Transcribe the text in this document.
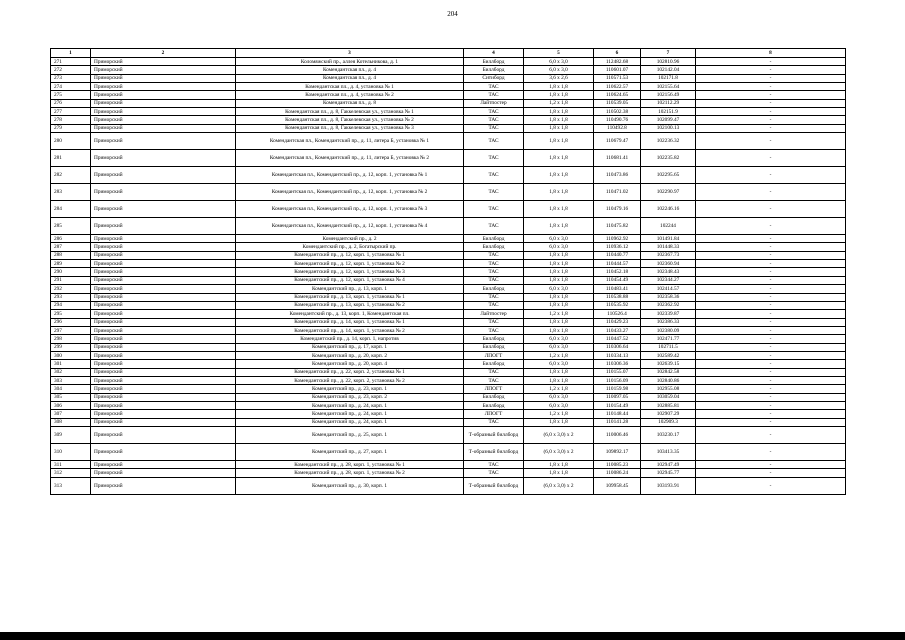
204
1	2	3	4	5	6	7	8
271	Приморский	Коломяжский пр., аллея Котельникова, д. 1	Биллборд	6,0 x 3,0	112482.68	102810.96	-
272	Приморский	Комендантская пл., д. 4	Биллборд	6,0 x 3,0	110601.07	102142.04	-
273	Приморский	Комендантская пл., д. 4	Ситиборд	3,6 x 2,6	110571.53	102171.8	-
274	Приморский	Комендантская пл., д. 4, установка № 1	ТАС	1,8 x 1,8	110622.57	102155.64	-
275	Приморский	Комендантская пл., д. 4, установка № 2	ТАС	1,8 x 1,8	110624.65	102156.49	-
276	Приморский	Комендантская пл., д. 8	Лайтпостер	1,2 x 1,8	110539.05	102112.29	-
277	Приморский	Комендантская пл., д. 8, Гаккелевская ул., установка № 1	ТАС	1,8 x 1,8	110502.38	102151.9	-
278	Приморский	Комендантская пл., д. 8, Гаккелевская ул., установка № 2	ТАС	1,8 x 1,8	110490.76	102099.47	-
279	Приморский	Комендантская пл., д. 8, Гаккелевская ул., установка № 3	ТАС	1,8 x 1,8	110492.8	102100.13	-
280	Приморский	Комендантская пл., Комендантский пр., д. 11, литера Б, установка № 1	ТАС	1,8 x 1,8	110679.47	102236.32	-
281	Приморский	Комендантская пл., Комендантский пр., д. 11, литера Б, установка № 2	ТАС	1,8 x 1,8	110681.41	102235.82	-
282	Приморский	Комендантская пл., Комендантский пр., д. 12, корп. 1, установка № 1	ТАС	1,8 x 1,8	110473.86	102295.65	-
283	Приморский	Комендантская пл., Комендантский пр., д. 12, корп. 1, установка № 2	ТАС	1,8 x 1,8	110471.02	102290.97	-
284	Приморский	Комендантская пл., Комендантский пр., д. 12, корп. 1, установка № 3	ТАС	1,8 x 1,8	110479.16	102246.16	-
285	Приморский	Комендантская пл., Комендантский пр., д. 12, корп. 1, установка № 4	ТАС	1,8 x 1,8	110475.82	102244	-
286	Приморский	Комендантский пр., д. 2	Биллборд	6,0 x 3,0	110962.92	101491.84	-
287	Приморский	Комендантский пр., д. 2, Богатырский пр.	Биллборд	6,0 x 3,0	110936.12	101448.33	-
288	Приморский	Комендантский пр., д. 12, корп. 1, установка № 1	ТАС	1,8 x 1,8	110440.77	102367.73	-
289	Приморский	Комендантский пр., д. 12, корп. 1, установка № 2	ТАС	1,8 x 1,8	110444.57	102360.94	-
290	Приморский	Комендантский пр., д. 12, корп. 1, установка № 3	ТАС	1,8 x 1,8	110452.18	102348.43	-
291	Приморский	Комендантский пр., д. 12, корп. 1, установка № 4	ТАС	1,8 x 1,8	110454.49	102344.27	-
292	Приморский	Комендантский пр., д. 13, корп. 1	Биллборд	6,0 x 3,0	110483.41	102414.57	-
293	Приморский	Комендантский пр., д. 13, корп. 1, установка № 1	ТАС	1,8 x 1,8	110538.88	102358.36	-
294	Приморский	Комендантский пр., д. 13, корп. 1, установка № 2	ТАС	1,8 x 1,8	110535.92	102362.92	-
295	Приморский	Комендантский пр., д. 13, корп. 1, Комендантская пл.	Лайтпостер	1,2 x 1,8	110526.4	102339.87	-
296	Приморский	Комендантский пр., д. 14, корп. 1, установка № 1	ТАС	1,8 x 1,8	110429.23	102386.33	-
297	Приморский	Комендантский пр., д. 14, корп. 1, установка № 2	ТАС	1,8 x 1,8	110433.27	102380.09	-
298	Приморский	Комендантский пр., д. 14, корп. 1, напротив	Биллборд	6,0 x 3,0	110447.52	102471.77	-
299	Приморский	Комендантский пр., д. 17, корп. 1	Биллборд	6,0 x 3,0	110306.64	102711.5	-
300	Приморский	Комендантский пр., д. 20, корп. 2	ЛПОГТ	1,2 x 1,8	110334.13	102589.42	-
301	Приморский	Комендантский пр., д. 20, корп. 4	Биллборд	6,0 x 3,0	110306.36	102639.15	-
302	Приморский	Комендантский пр., д. 22, корп. 2, установка № 1	ТАС	1,8 x 1,8	110155.07	102842.58	-
303	Приморский	Комендантский пр., д. 22, корп. 2, установка № 2	ТАС	1,8 x 1,8	110156.09	102840.86	-
304	Приморский	Комендантский пр., д. 23, корп. 1	ЛПОГТ	1,2 x 1,8	110159.98	102955.08	-
305	Приморский	Комендантский пр., д. 23, корп. 2	Биллборд	6,0 x 3,0	110097.05	103059.04	-
306	Приморский	Комендантский пр., д. 24, корп. 1	Биллборд	6,0 x 3,0	110154.49	102885.81	-
307	Приморский	Комендантский пр., д. 24, корп. 1	ЛПОГТ	1,2 x 1,8	110148.44	102907.29	-
308	Приморский	Комендантский пр., д. 24, корп. 1	ТАС	1,8 x 1,8	110141.28	102909.3	-
309	Приморский	Комендантский пр., д. 25, корп. 1	Т-образный биллборд	(6,0 x 3,0) x 2	110006.46	103230.17	-
310	Приморский	Комендантский пр., д. 27, корп. 1	Т-образный биллборд	(6,0 x 3,0) x 2	109892.17	103413.35	-
311	Приморский	Комендантский пр., д. 28, корп. 1, установка № 1	ТАС	1,8 x 1,8	110085.23	102947.49	-
312	Приморский	Комендантский пр., д. 28, корп. 1, установка № 2	ТАС	1,8 x 1,8	110086.24	102945.77	-
313	Приморский	Комендантский пр., д. 30, корп. 1	Т-образный биллборд	(6,0 x 3,0) x 2	109958.45	103193.91	-
